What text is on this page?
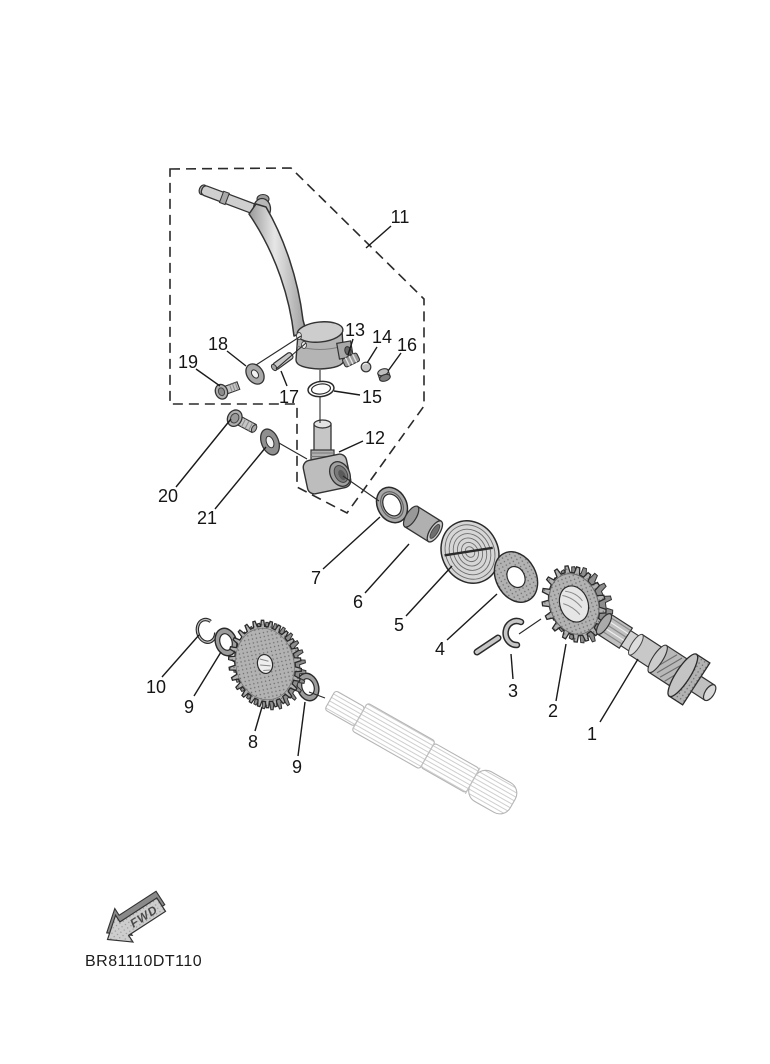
1
2
3
4
5
6
7
8
9
9
10
11
12
13 14
15
16
17
18
19
20
21
FWD
BR81110DT110
